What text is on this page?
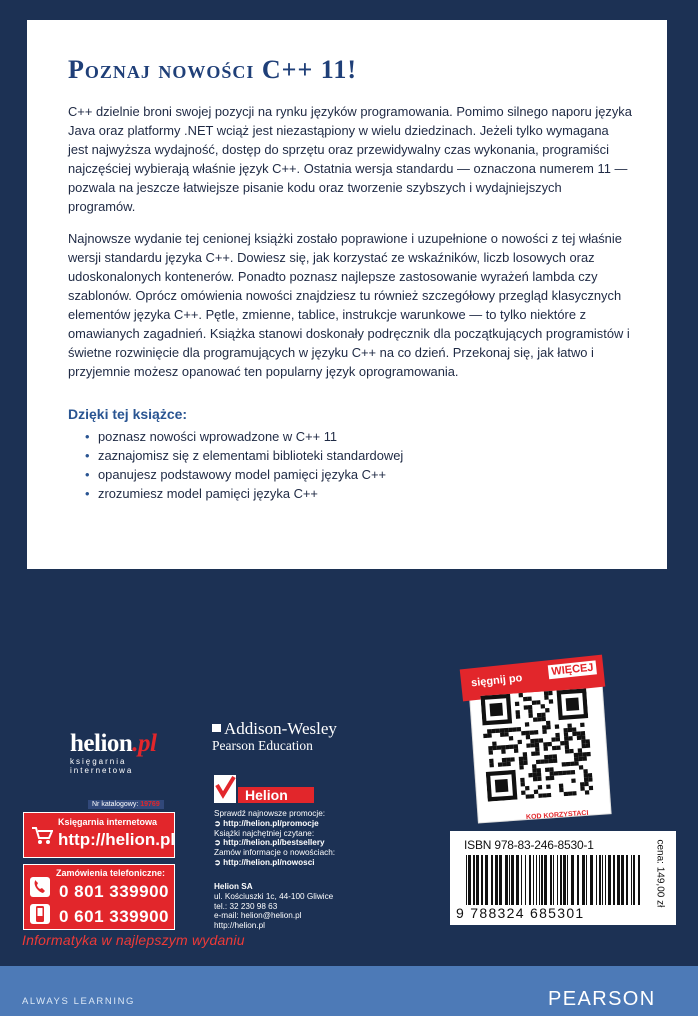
Poznaj nowości C++ 11!

C++ dzielnie broni swojej pozycji na rynku języków programowania. Pomimo silnego naporu języka Java oraz platformy .NET wciąż jest niezastąpiony w wielu dziedzinach. Jeżeli tylko wymagana jest najwyższa wydajność, dostęp do sprzętu oraz przewidywalny czas wykonania, programiści najczęściej wybierają właśnie język C++. Ostatnia wersja standardu — oznaczona numerem 11 — pozwala na jeszcze łatwiejsze pisanie kodu oraz tworzenie szybszych i wydajniejszych programów.

Najnowsze wydanie tej cenionej książki zostało poprawione i uzupełnione o nowości z tej właśnie wersji standardu języka C++. Dowiesz się, jak korzystać ze wskaźników, liczb losowych oraz udoskonalonych kontenerów. Ponadto poznasz najlepsze zastosowanie wyrażeń lambda czy szablonów. Oprócz omówienia nowości znajdziesz tu również szczegółowy przegląd klasycznych elementów języka C++. Pętle, zmienne, tablice, instrukcje warunkowe — to tylko niektóre z omawianych zagadnień. Książka stanowi doskonały podręcznik dla początkujących programistów i świetne rozwinięcie dla programujących w języku C++ na co dzień. Przekonaj się, jak łatwo i przyjemnie możesz opanować ten popularny język oprogramowania.

Dzięki tej książce:
• poznasz nowości wprowadzone w C++ 11
• zaznajomisz się z elementami biblioteki standardowej
• opanujesz podstawowy model pamięci języka C++
• zrozumiesz model pamięci języka C++
helion.pl
księgarnia internetowa
Nr katalogowy: 19769
Księgarnia internetowa
http://helion.pl
Zamówienia telefoniczne:
0 801 339900
0 601 339900
Informatyka w najlepszym wydaniu
Addison-Wesley
Pearson Education
Helion
Sprawdź najnowsze promocje:
➲ http://helion.pl/promocje
Książki najchętniej czytane:
➲ http://helion.pl/bestsellery
Zamów informacje o nowościach:
➲ http://helion.pl/nowosci
Helion SA
ul. Kościuszki 1c, 44-100 Gliwice
tel.: 32 230 98 63
e-mail: helion@helion.pl
http://helion.pl
sięgnij po
WIĘCEJ
KOD KORZYSTACI
ISBN 978-83-246-8530-1
9 788324 685301
cena: 149,00 zł
ALWAYS LEARNING	PEARSON
